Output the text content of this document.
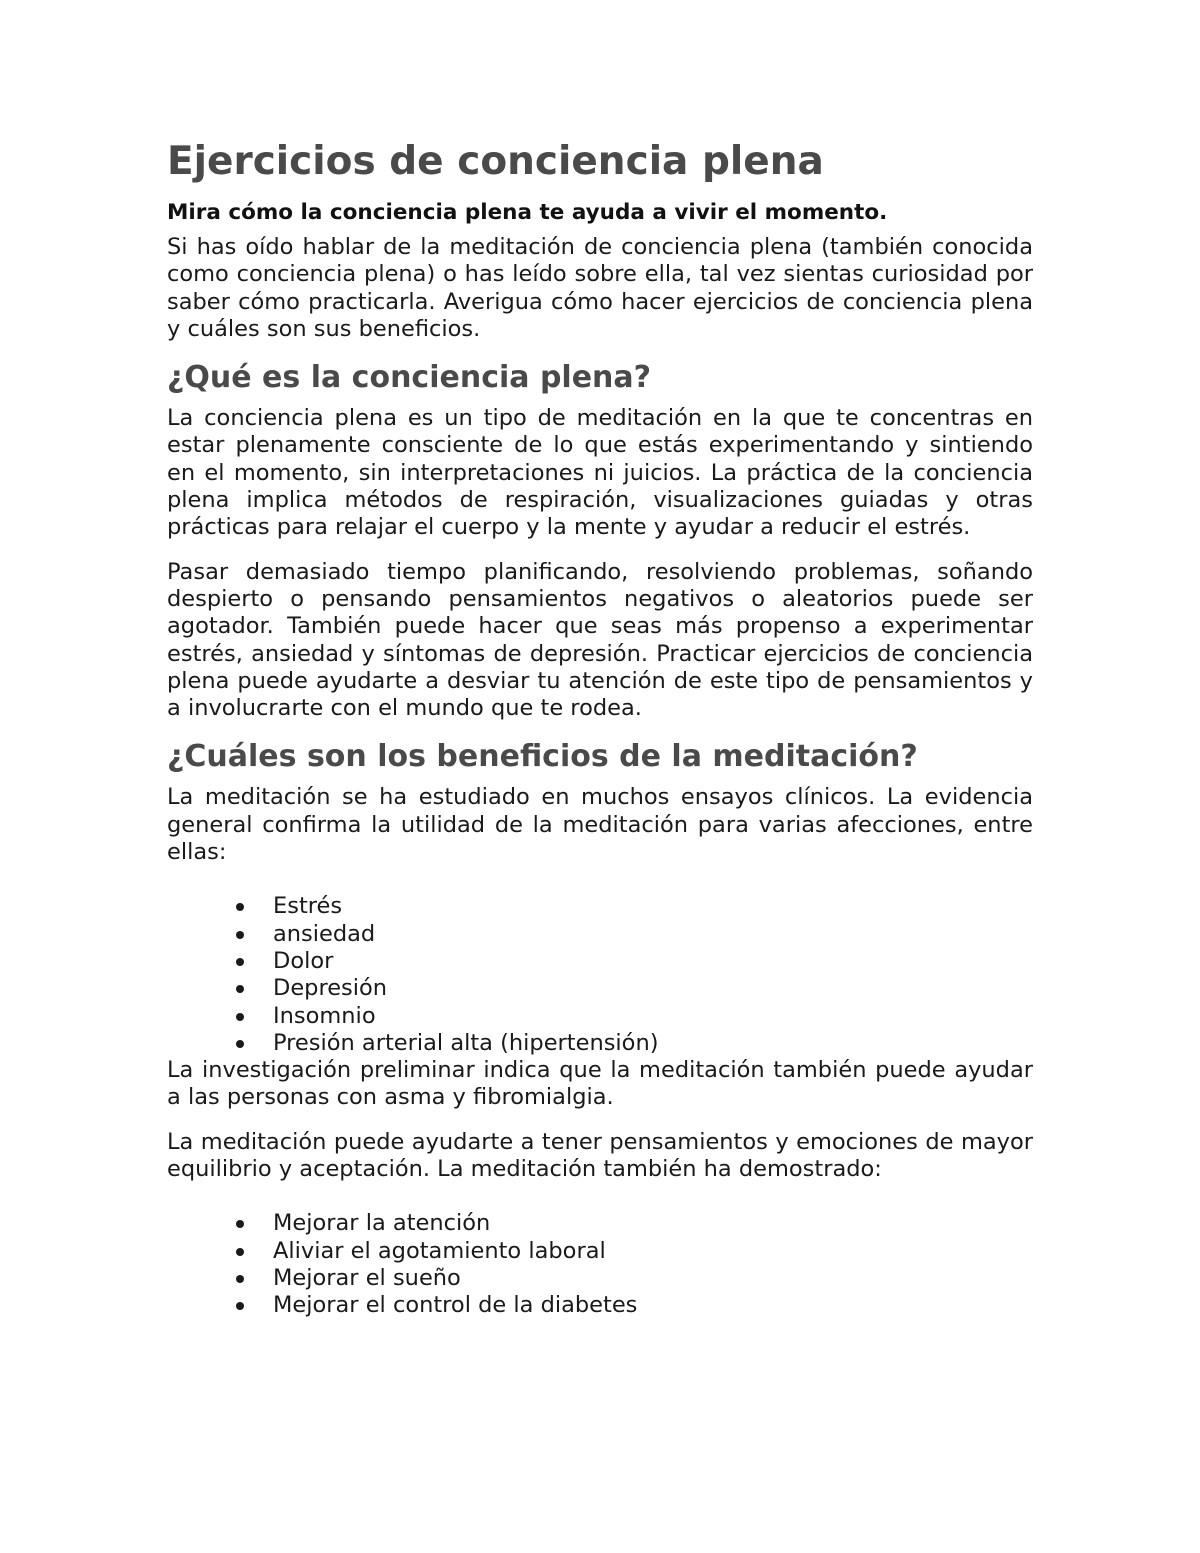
Ejercicios de conciencia plena

Mira cómo la conciencia plena te ayuda a vivir el momento.

Si has oído hablar de la meditación de conciencia plena (también conocida como conciencia plena) o has leído sobre ella, tal vez sientas curiosidad por saber cómo practicarla. Averigua cómo hacer ejercicios de conciencia plena y cuáles son sus beneficios.

¿Qué es la conciencia plena?

La conciencia plena es un tipo de meditación en la que te concentras en estar plenamente consciente de lo que estás experimentando y sintiendo en el momento, sin interpretaciones ni juicios. La práctica de la conciencia plena implica métodos de respiración, visualizaciones guiadas y otras prácticas para relajar el cuerpo y la mente y ayudar a reducir el estrés.

Pasar demasiado tiempo planificando, resolviendo problemas, soñando despierto o pensando pensamientos negativos o aleatorios puede ser agotador. También puede hacer que seas más propenso a experimentar estrés, ansiedad y síntomas de depresión. Practicar ejercicios de conciencia plena puede ayudarte a desviar tu atención de este tipo de pensamientos y a involucrarte con el mundo que te rodea.

¿Cuáles son los beneficios de la meditación?

La meditación se ha estudiado en muchos ensayos clínicos. La evidencia general confirma la utilidad de la meditación para varias afecciones, entre ellas:

Estrés
ansiedad
Dolor
Depresión
Insomnio
Presión arterial alta (hipertensión)

La investigación preliminar indica que la meditación también puede ayudar a las personas con asma y fibromialgia.

La meditación puede ayudarte a tener pensamientos y emociones de mayor equilibrio y aceptación. La meditación también ha demostrado:

Mejorar la atención
Aliviar el agotamiento laboral
Mejorar el sueño
Mejorar el control de la diabetes
